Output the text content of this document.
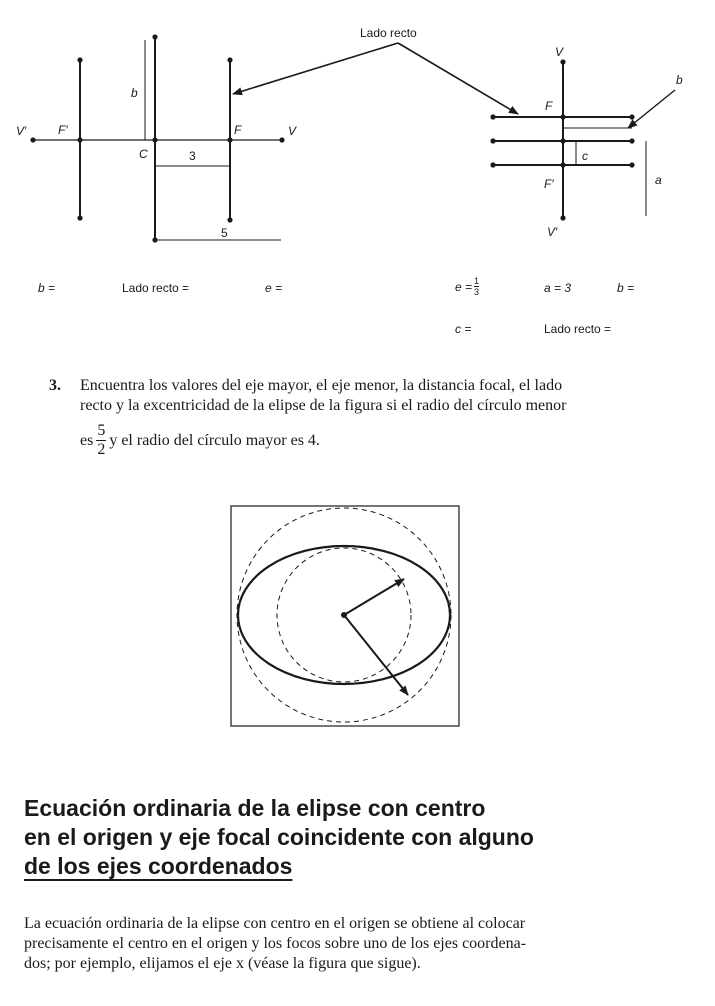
V′	F′
C
F	V
b
3
5
Lado recto
V
F
c
F′
V′
a
b
b =	Lado recto =	e =	$e = \frac{1}{3}$	a = 3	b =
c =	Lado recto =
3. Encuentra los valores del eje mayor, el eje menor, la distancia focal, el lado
recto y la excentricidad de la elipse de la figura si el radio del círculo menor
es $\frac{5}{2}$ y el radio del círculo mayor es 4.
Ecuación ordinaria de la elipse con centro
en el origen y eje focal coincidente con alguno
de los ejes coordenados
La ecuación ordinaria de la elipse con centro en el origen se obtiene al colocar
precisamente el centro en el origen y los focos sobre uno de los ejes coordena-
dos; por ejemplo, elijamos el eje x (véase la figura que sigue).
